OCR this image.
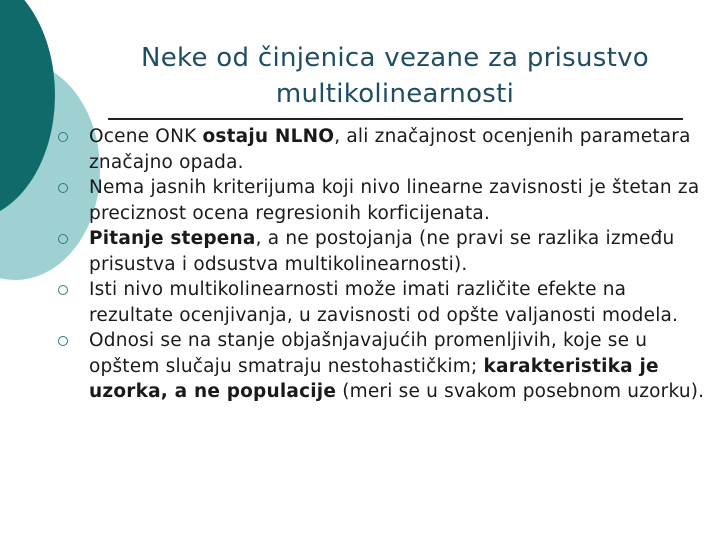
Neke od činjenica vezane za prisustvo
multikolinearnosti
Ocene ONK ostaju NLNO, ali značajnost ocenjenih parametara značajno opada.
Nema jasnih kriterijuma koji nivo linearne zavisnosti je štetan za preciznost ocena regresionih korficijenata.
Pitanje stepena, a ne postojanja (ne pravi se razlika između prisustva i odsustva multikolinearnosti).
Isti nivo multikolinearnosti može imati različite efekte na rezultate ocenjivanja, u zavisnosti od opšte valjanosti modela.
Odnosi se na stanje objašnjavajućih promenljivih, koje se u opštem slučaju smatraju nestohastičkim; karakteristika je uzorka, a ne populacije (meri se u svakom posebnom uzorku).
